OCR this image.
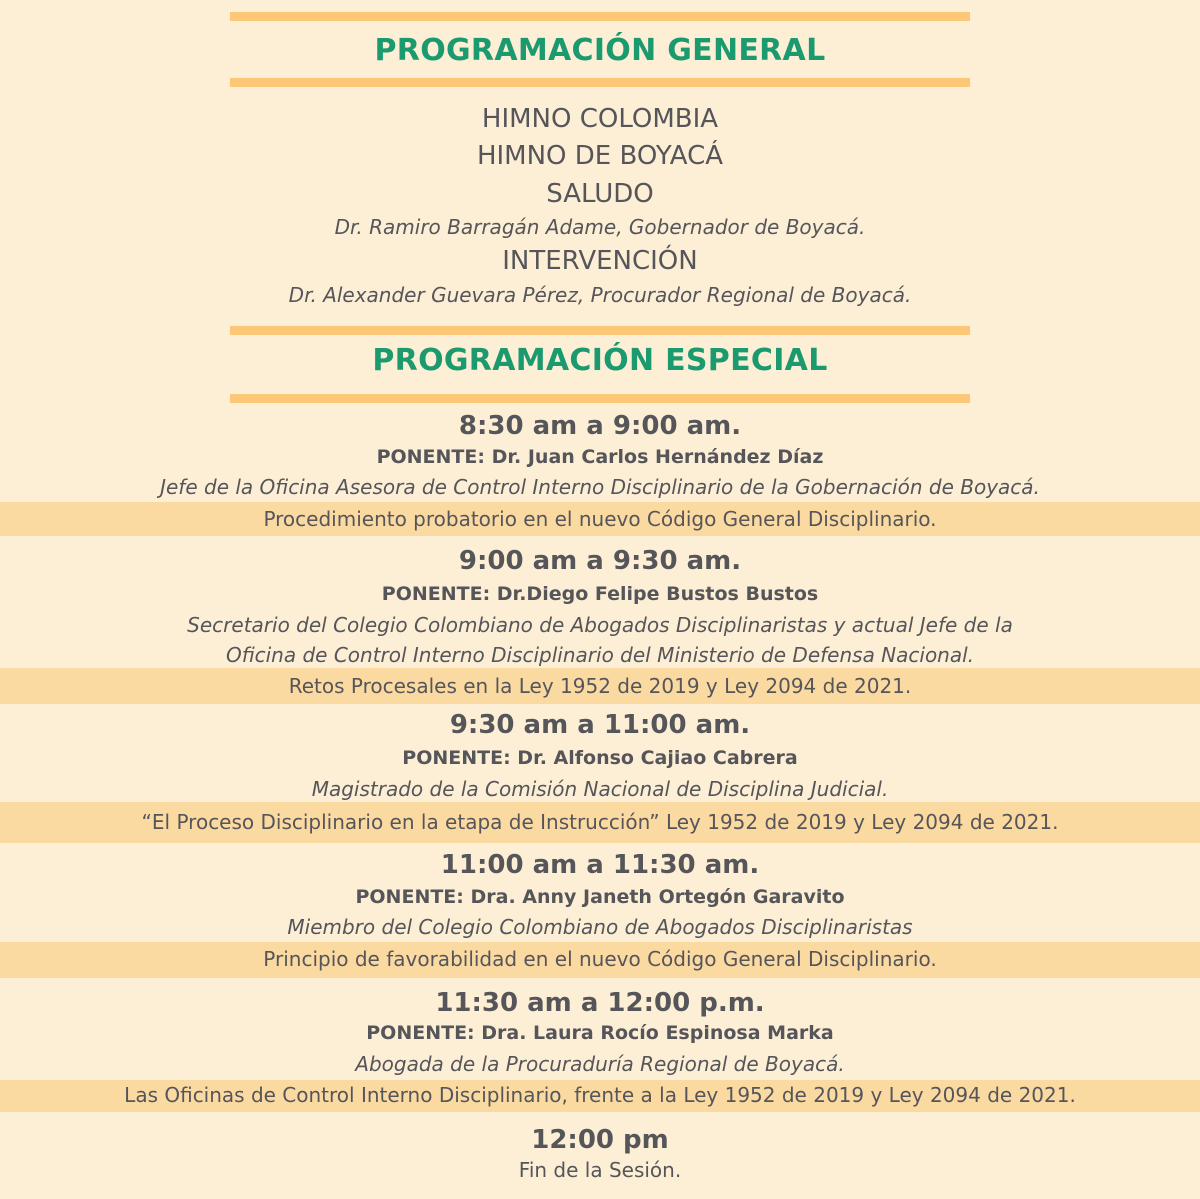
PROGRAMACIÓN GENERAL
HIMNO COLOMBIA
HIMNO DE BOYACÁ
SALUDO
Dr. Ramiro Barragán Adame, Gobernador de Boyacá.
INTERVENCIÓN
Dr. Alexander Guevara Pérez, Procurador Regional de Boyacá.
PROGRAMACIÓN ESPECIAL
8:30 am a 9:00 am.
PONENTE: Dr. Juan Carlos Hernández Díaz
Jefe de la Oficina Asesora de Control Interno Disciplinario de la Gobernación de Boyacá.
Procedimiento probatorio en el nuevo Código General Disciplinario.
9:00 am a 9:30 am.
PONENTE: Dr.Diego Felipe Bustos Bustos
Secretario del Colegio Colombiano de Abogados Disciplinaristas y actual Jefe de la
Oficina de Control Interno Disciplinario del Ministerio de Defensa Nacional.
Retos Procesales en la Ley 1952 de 2019 y Ley 2094 de 2021.
9:30 am a 11:00 am.
PONENTE: Dr. Alfonso Cajiao Cabrera
Magistrado de la Comisión Nacional de Disciplina Judicial.
“El Proceso Disciplinario en la etapa de Instrucción” Ley 1952 de 2019 y Ley 2094 de 2021.
11:00 am a 11:30 am.
PONENTE: Dra. Anny Janeth Ortegón Garavito
Miembro del Colegio Colombiano de Abogados Disciplinaristas
Principio de favorabilidad en el nuevo Código General Disciplinario.
11:30 am a 12:00 p.m.
PONENTE: Dra. Laura Rocío Espinosa Marka
Abogada de la Procuraduría Regional de Boyacá.
Las Oficinas de Control Interno Disciplinario, frente a la Ley 1952 de 2019 y Ley 2094 de 2021.
12:00 pm
Fin de la Sesión.
